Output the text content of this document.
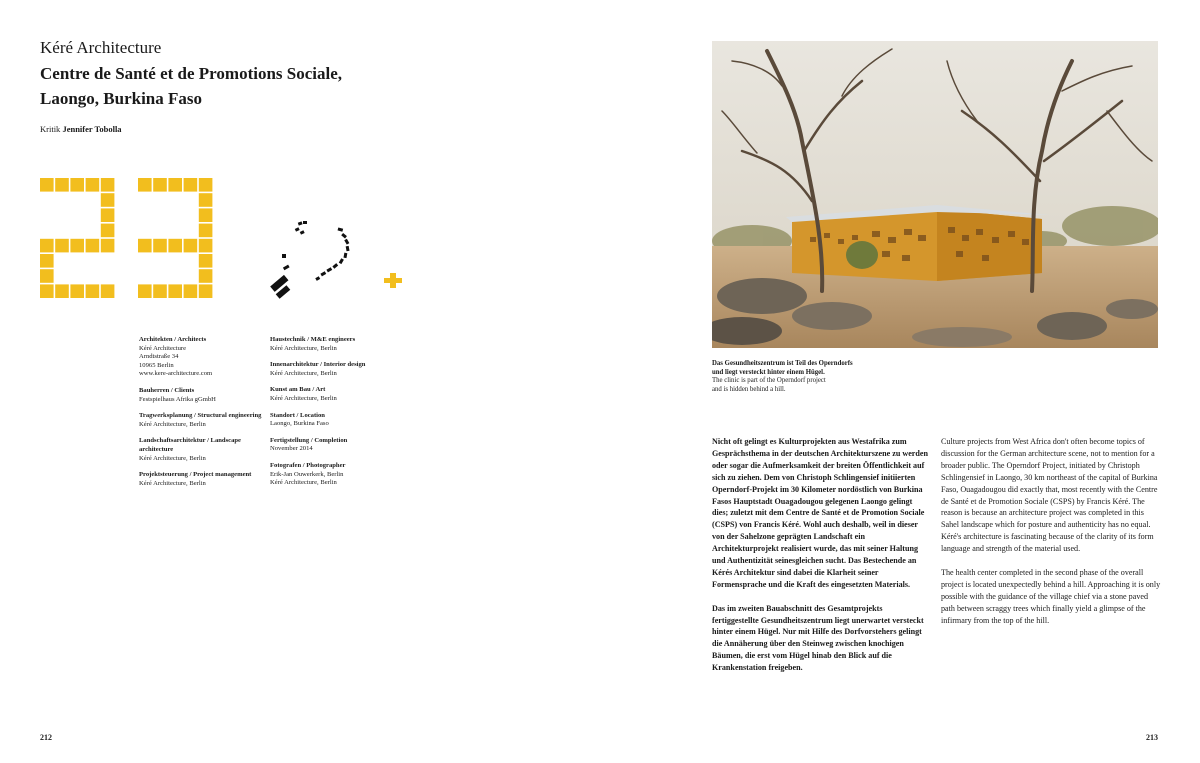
Kéré Architecture
Centre de Santé et de Promotions Sociale,
Laongo, Burkina Faso
Kritik Jennifer Tobolla
Architekten / Architects
Kéré Architecture
Arndtstraße 34
10965 Berlin
www.kere-architecture.com
Bauherren / Clients
Festspielhaus Afrika gGmbH
Tragwerksplanung / Structural engineering
Kéré Architecture, Berlin
Landschaftsarchitektur / Landscape architecture
Kéré Architecture, Berlin
Projektsteuerung / Project management
Kéré Architecture, Berlin
Haustechnik / M&E engineers
Kéré Architecture, Berlin
Innenarchitektur / Interior design
Kéré Architecture, Berlin
Kunst am Bau / Art
Kéré Architecture, Berlin
Standort / Location
Laongo, Burkina Faso
Fertigstellung / Completion
November 2014
Fotografen / Photographer
Erik-Jan Ouwerkerk, Berlin
Kéré Architecture, Berlin
212
Das Gesundheitszentrum ist Teil des Operndorfs
und liegt versteckt hinter einem Hügel.
The clinic is part of the Operndorf project
and is hidden behind a hill.

Nicht oft gelingt es Kulturprojekten aus Westafrika zum Gesprächsthema in der deutschen Architekturszene zu werden oder sogar die Aufmerksamkeit der breiten Öffentlichkeit auf sich zu ziehen. Dem von Christoph Schlingensief initiierten Operndorf-Projekt im 30 Kilometer nordöstlich von Burkina Fasos Hauptstadt Ouagadougou gelegenen Laongo gelingt dies; zuletzt mit dem Centre de Santé et de Promotion Sociale (CSPS) von Francis Kéré. Wohl auch deshalb, weil in dieser von der Sahelzone geprägten Landschaft ein Architekturprojekt realisiert wurde, das mit seiner Haltung und Authentizität seinesgleichen sucht. Das Bestechende an Kérés Architektur sind dabei die Klarheit seiner Formensprache und die Kraft des eingesetzten Materials.

Das im zweiten Bauabschnitt des Gesamtprojekts fertiggestellte Gesundheitszentrum liegt unerwartet versteckt hinter einem Hügel. Nur mit Hilfe des Dorfvorstehers gelingt die Annäherung über den Steinweg zwischen knochigen Bäumen, die erst vom Hügel hinab den Blick auf die Krankenstation freigeben.

Culture projects from West Africa don't often become topics of discussion for the German architecture scene, not to mention for a broader public. The Operndorf Project, initiated by Christoph Schlingensief in Laongo, 30 km northeast of the capital of Burkina Faso, Ouagadougou did exactly that, most recently with the Centre de Santé et de Promotion Sociale (CSPS) by Francis Kéré. The reason is because an architecture project was completed in this Sahel landscape which for posture and authenticity has no equal. Kéré's architecture is fascinating because of the clarity of its form language and strength of the material used.

The health center completed in the second phase of the overall project is located unexpectedly behind a hill. Approaching it is only possible with the guidance of the village chief via a stone paved path between scraggy trees which finally yield a glimpse of the infirmary from the top of the hill.

213
